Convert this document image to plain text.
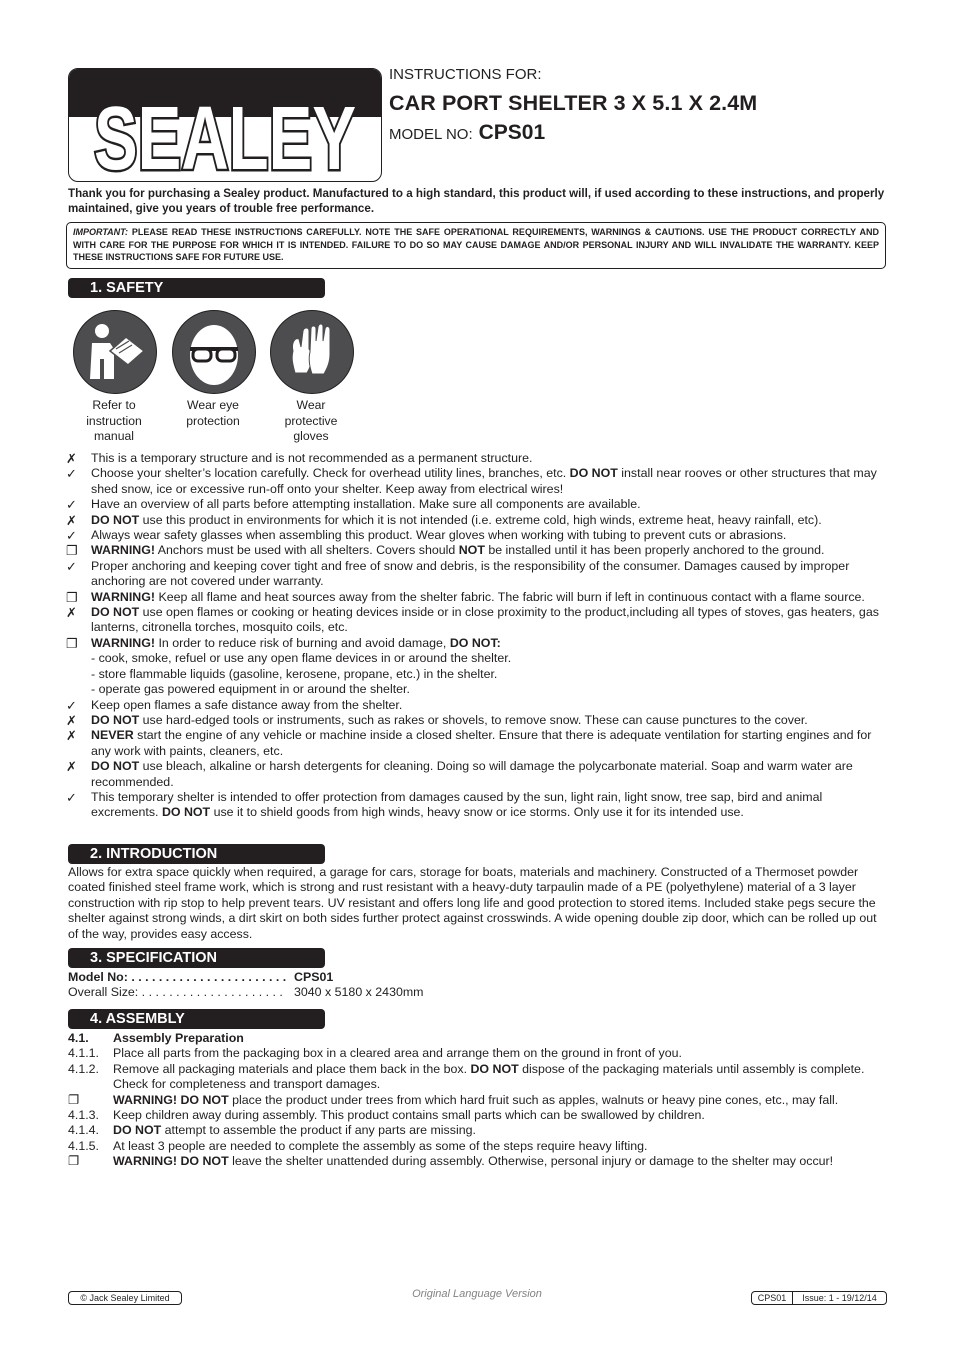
SEALEY
INSTRUCTIONS FOR:
CAR PORT SHELTER 3 X 5.1 X 2.4M
MODEL NO: CPS01
Thank you for purchasing a Sealey product. Manufactured to a high standard, this product will, if used according to these instructions, and properly maintained, give you years of trouble free performance.
IMPORTANT: PLEASE READ THESE INSTRUCTIONS CAREFULLY. NOTE THE SAFE OPERATIONAL REQUIREMENTS, WARNINGS & CAUTIONS. USE THE PRODUCT CORRECTLY AND WITH CARE FOR THE PURPOSE FOR WHICH IT IS INTENDED. FAILURE TO DO SO MAY CAUSE DAMAGE AND/OR PERSONAL INJURY AND WILL INVALIDATE THE WARRANTY. KEEP THESE INSTRUCTIONS SAFE FOR FUTURE USE.
1. SAFETY
Refer to
instruction
manual
Wear eye
protection
Wear
protective
gloves
✗	This is a temporary structure and is not recommended as a permanent structure.
✓	Choose your shelter’s location carefully. Check for overhead utility lines, branches, etc. DO NOT install near rooves or other structures that may shed snow, ice or excessive run-off onto your shelter. Keep away from electrical wires!
✓	Have an overview of all parts before attempting installation. Make sure all components are available.
✗	DO NOT use this product in environments for which it is not intended (i.e. extreme cold, high winds, extreme heat, heavy rainfall, etc).
✓	Always wear safety glasses when assembling this product. Wear gloves when working with tubing to prevent cuts or abrasions.
❐	WARNING! Anchors must be used with all shelters. Covers should NOT be installed until it has been properly anchored to the ground.
✓	Proper anchoring and keeping cover tight and free of snow and debris, is the responsibility of the consumer. Damages caused by improper anchoring are not covered under warranty.
❐	WARNING! Keep all flame and heat sources away from the shelter fabric. The fabric will burn if left in continuous contact with a flame source.
✗	DO NOT use open flames or cooking or heating devices inside or in close proximity to the product,including all types of stoves, gas heaters, gas lanterns, citronella torches, mosquito coils, etc.
❐	WARNING! In order to reduce risk of burning and avoid damage, DO NOT:
- cook, smoke, refuel or use any open flame devices in or around the shelter.
- store flammable liquids (gasoline, kerosene, propane, etc.) in the shelter.
- operate gas powered equipment in or around the shelter.
✓	Keep open flames a safe distance away from the shelter.
✗	DO NOT use hard-edged tools or instruments, such as rakes or shovels, to remove snow. These can cause punctures to the cover.
✗	NEVER start the engine of any vehicle or machine inside a closed shelter. Ensure that there is adequate ventilation for starting engines and for any work with paints, cleaners, etc.
✗	DO NOT use bleach, alkaline or harsh detergents for cleaning. Doing so will damage the polycarbonate material. Soap and warm water are recommended.
✓	This temporary shelter is intended to offer protection from damages caused by the sun, light rain, light snow, tree sap, bird and animal excrements. DO NOT use it to shield goods from high winds, heavy snow or ice storms. Only use it for its intended use.
2. INTRODUCTION
Allows for extra space quickly when required, a garage for cars, storage for boats, materials and machinery. Constructed of a Thermoset powder coated finished steel frame work, which is strong and rust resistant with a heavy-duty tarpaulin made of a PE (polyethylene) material of a 3 layer construction with rip stop to help prevent tears. UV resistant and offers long life and good protection to stored items. Included stake pegs secure the shelter against strong winds, a dirt skirt on both sides further protect against crosswinds. A wide opening double zip door, which can be rolled up out of the way, provides easy access.
3. SPECIFICATION
Model No: . . . . . . . . . . . . . . . . . . . . . . . CPS01
Overall Size: . . . . . . . . . . . . . . . . . . . . . 3040 x 5180 x 2430mm
4. ASSEMBLY
4.1.	Assembly Preparation
4.1.1.	Place all parts from the packaging box in a cleared area and arrange them on the ground in front of you.
4.1.2.	Remove all packaging materials and place them back in the box. DO NOT dispose of the packaging materials until assembly is complete.
Check for completeness and transport damages.
❐	WARNING! DO NOT place the product under trees from which hard fruit such as apples, walnuts or heavy pine cones, etc., may fall.
4.1.3.	Keep children away during assembly. This product contains small parts which can be swallowed by children.
4.1.4.	DO NOT attempt to assemble the product if any parts are missing.
4.1.5.	At least 3 people are needed to complete the assembly as some of the steps require heavy lifting.
❐	WARNING! DO NOT leave the shelter unattended during assembly. Otherwise, personal injury or damage to the shelter may occur!
© Jack Sealey Limited	Original Language Version	CPS01	Issue: 1 - 19/12/14
